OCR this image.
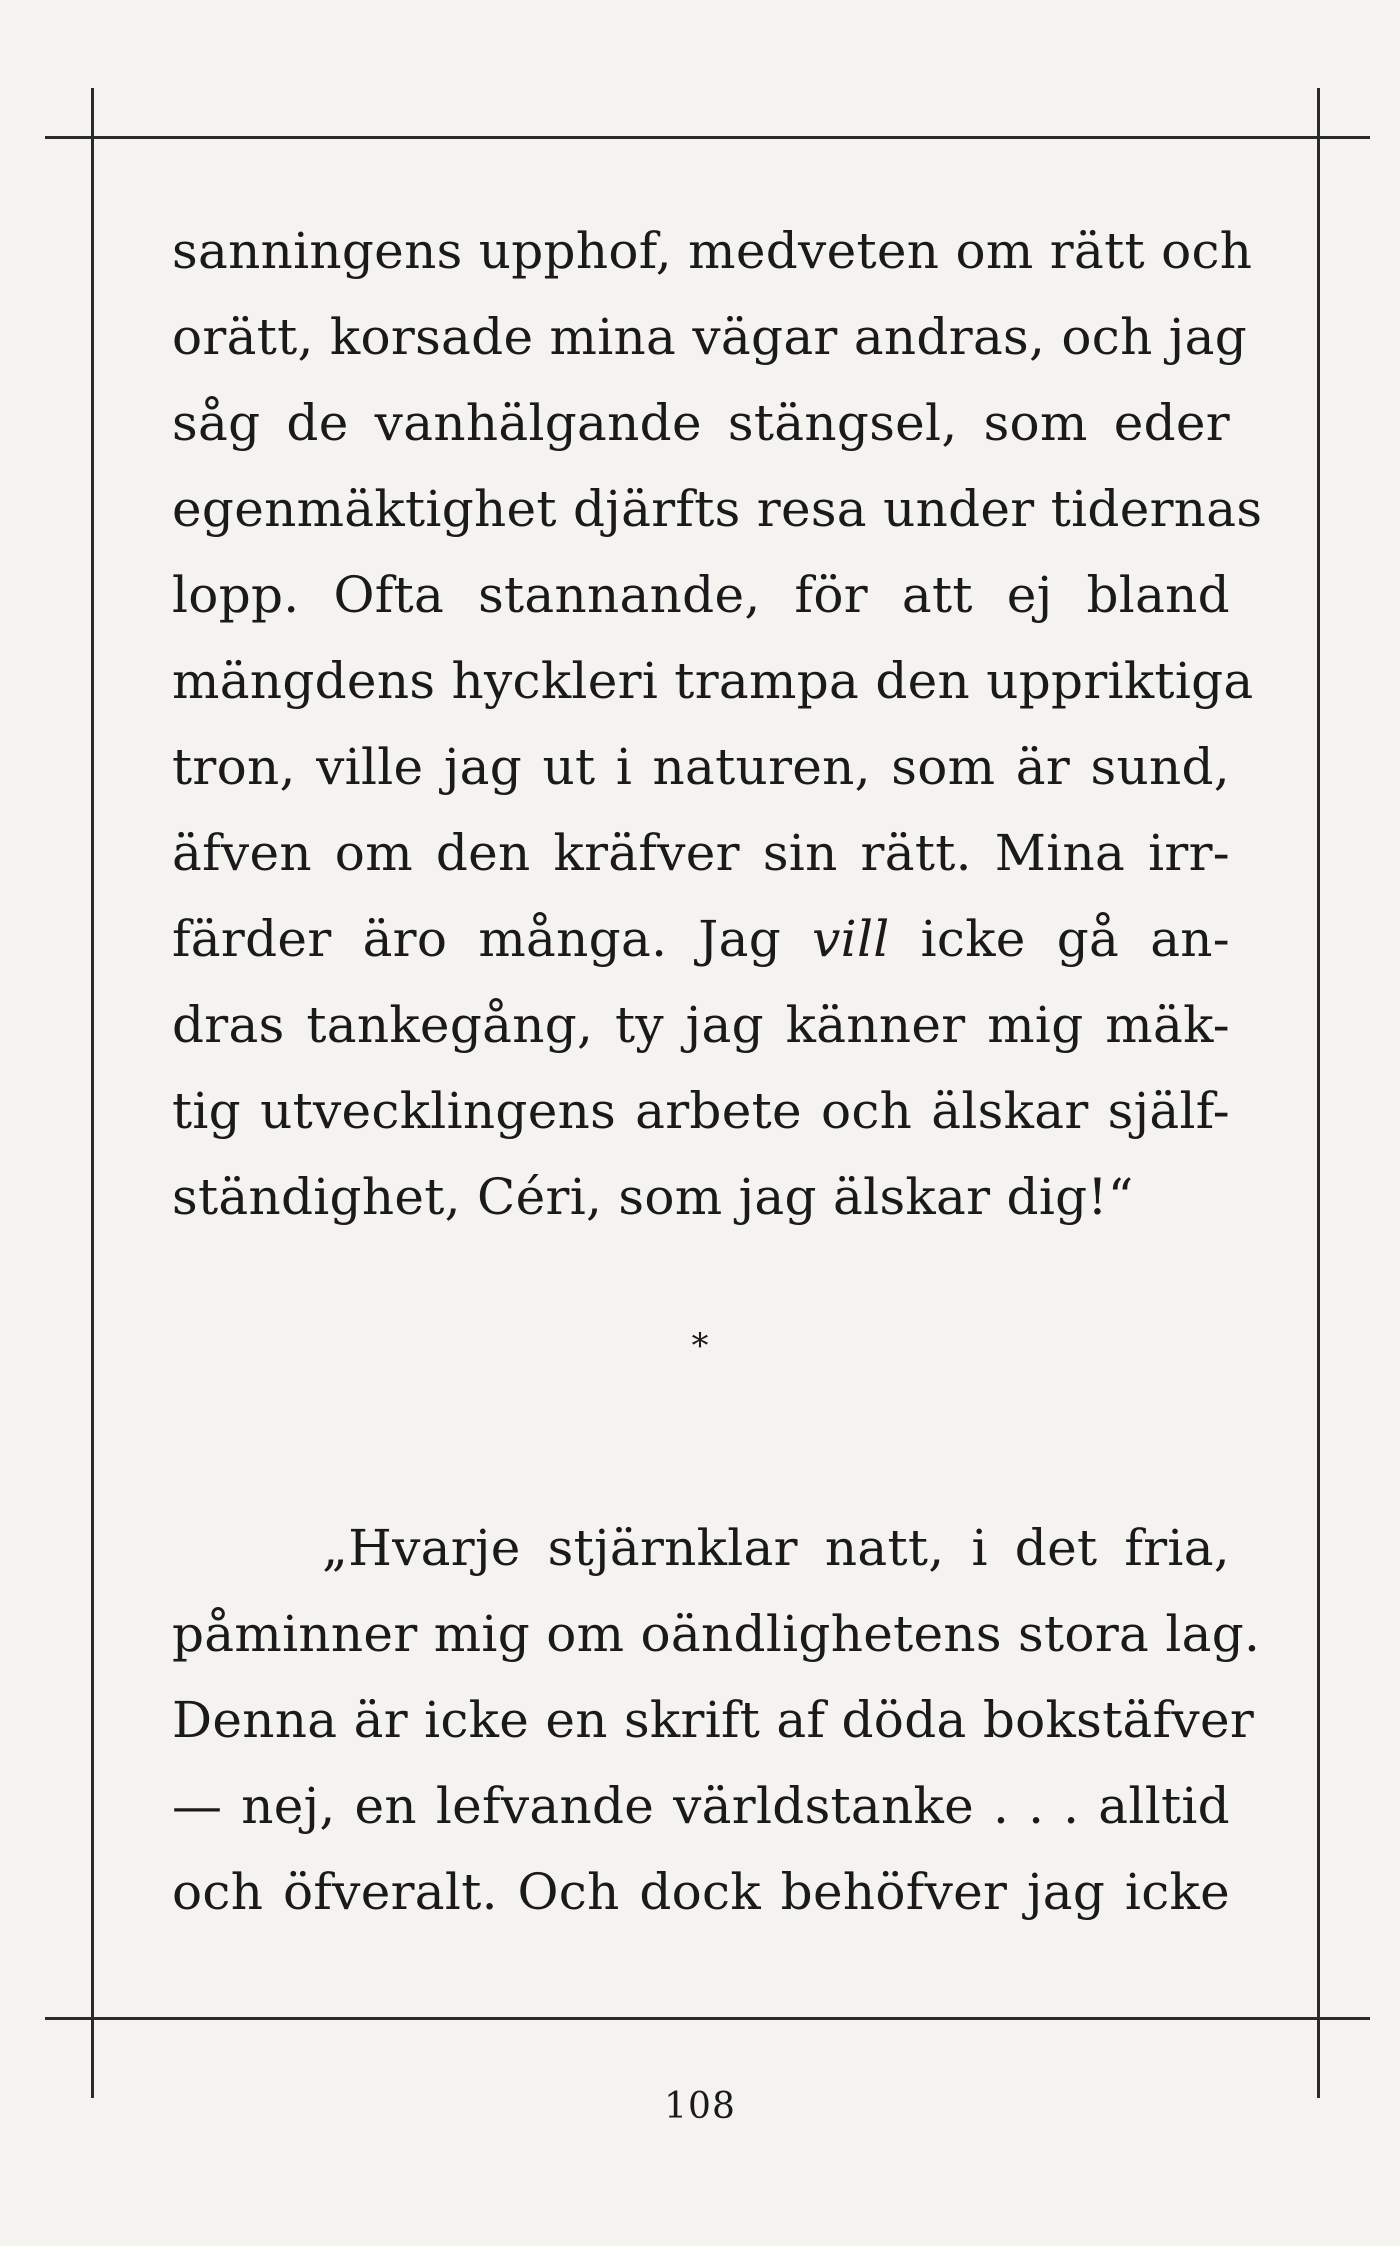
sanningens upphof, medveten om rätt och
orätt, korsade mina vägar andras, och jag
såg de vanhälgande stängsel, som eder
egenmäktighet djärfts resa under tidernas
lopp. Ofta stannande, för att ej bland
mängdens hyckleri trampa den uppriktiga
tron, ville jag ut i naturen, som är sund,
äfven om den kräfver sin rätt. Mina irr-
färder äro många. Jag vill icke gå an-
dras tankegång, ty jag känner mig mäk-
tig utvecklingens arbete och älskar själf-
ständighet, Céri, som jag älskar dig!“
„Hvarje stjärnklar natt, i det fria,
påminner mig om oändlighetens stora lag.
Denna är icke en skrift af döda bokstäfver
— nej, en lefvande världstanke . . . alltid
och öfveralt. Och dock behöfver jag icke
*
108
